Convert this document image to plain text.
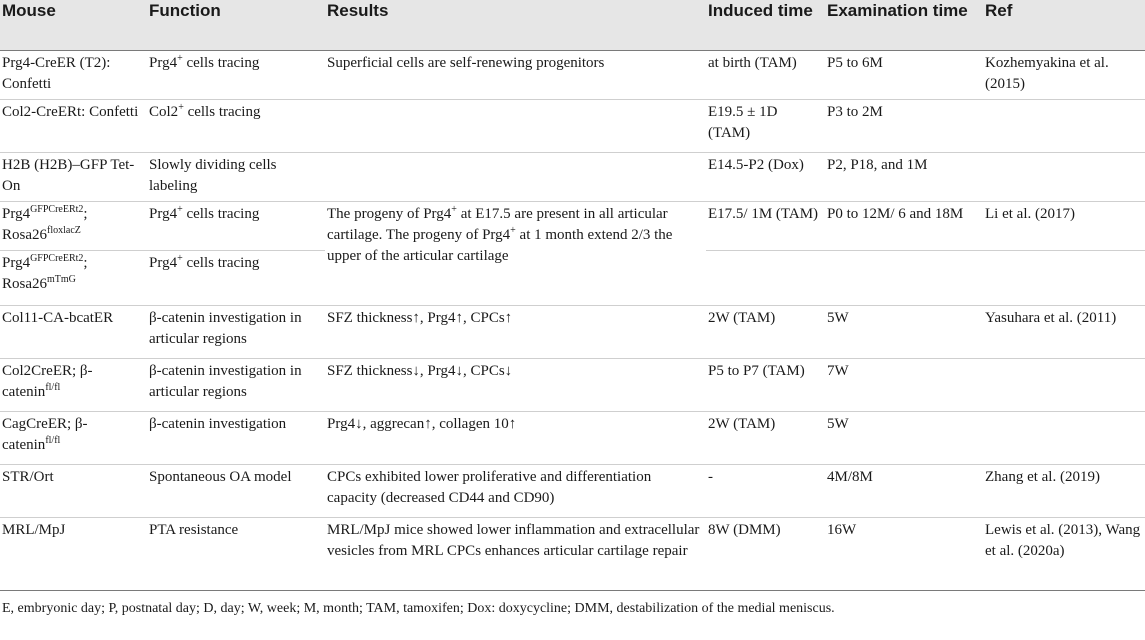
Mouse	Function	Results	Induced time	Examination time	Ref
Prg4-CreER (T2): Confetti	Prg4+ cells tracing	Superficial cells are self-renewing progenitors	at birth (TAM)	P5 to 6M	Kozhemyakina et al. (2015)
Col2-CreERt: Confetti	Col2+ cells tracing		E19.5 ± 1D (TAM)	P3 to 2M	
H2B (H2B)–GFP Tet-On	Slowly dividing cells labeling		E14.5-P2 (Dox)	P2, P18, and 1M	
$Prg4^{GFPCreERt2}$; $Rosa26^{floxlacZ}$	Prg4+ cells tracing	The progeny of Prg4+ at E17.5 are present in all articular cartilage. The progeny of Prg4+ at 1 month extend 2/3 the upper of the articular cartilage	E17.5/ 1M (TAM)	P0 to 12M/ 6 and 18M	Li et al. (2017)
$Prg4^{GFPCreERt2}$; $Rosa26^{mTmG}$	Prg4+ cells tracing				
Col11-CA-bcatER	β-catenin investigation in articular regions	SFZ thickness↑, Prg4↑, CPCs↑	2W (TAM)	5W	Yasuhara et al. (2011)
Col2CreER; β-catenin$^{fl/fl}$	β-catenin investigation in articular regions	SFZ thickness↓, Prg4↓, CPCs↓	P5 to P7 (TAM)	7W	
CagCreER; β-catenin$^{fl/fl}$	β-catenin investigation	Prg4↓, aggrecan↑, collagen 10↑	2W (TAM)	5W	
STR/Ort	Spontaneous OA model	CPCs exhibited lower proliferative and differentiation capacity (decreased CD44 and CD90)	-	4M/8M	Zhang et al. (2019)
MRL/MpJ	PTA resistance	MRL/MpJ mice showed lower inflammation and extracellular vesicles from MRL CPCs enhances articular cartilage repair	8W (DMM)	16W	Lewis et al. (2013), Wang et al. (2020a)
E, embryonic day; P, postnatal day; D, day; W, week; M, month; TAM, tamoxifen; Dox: doxycycline; DMM, destabilization of the medial meniscus.
